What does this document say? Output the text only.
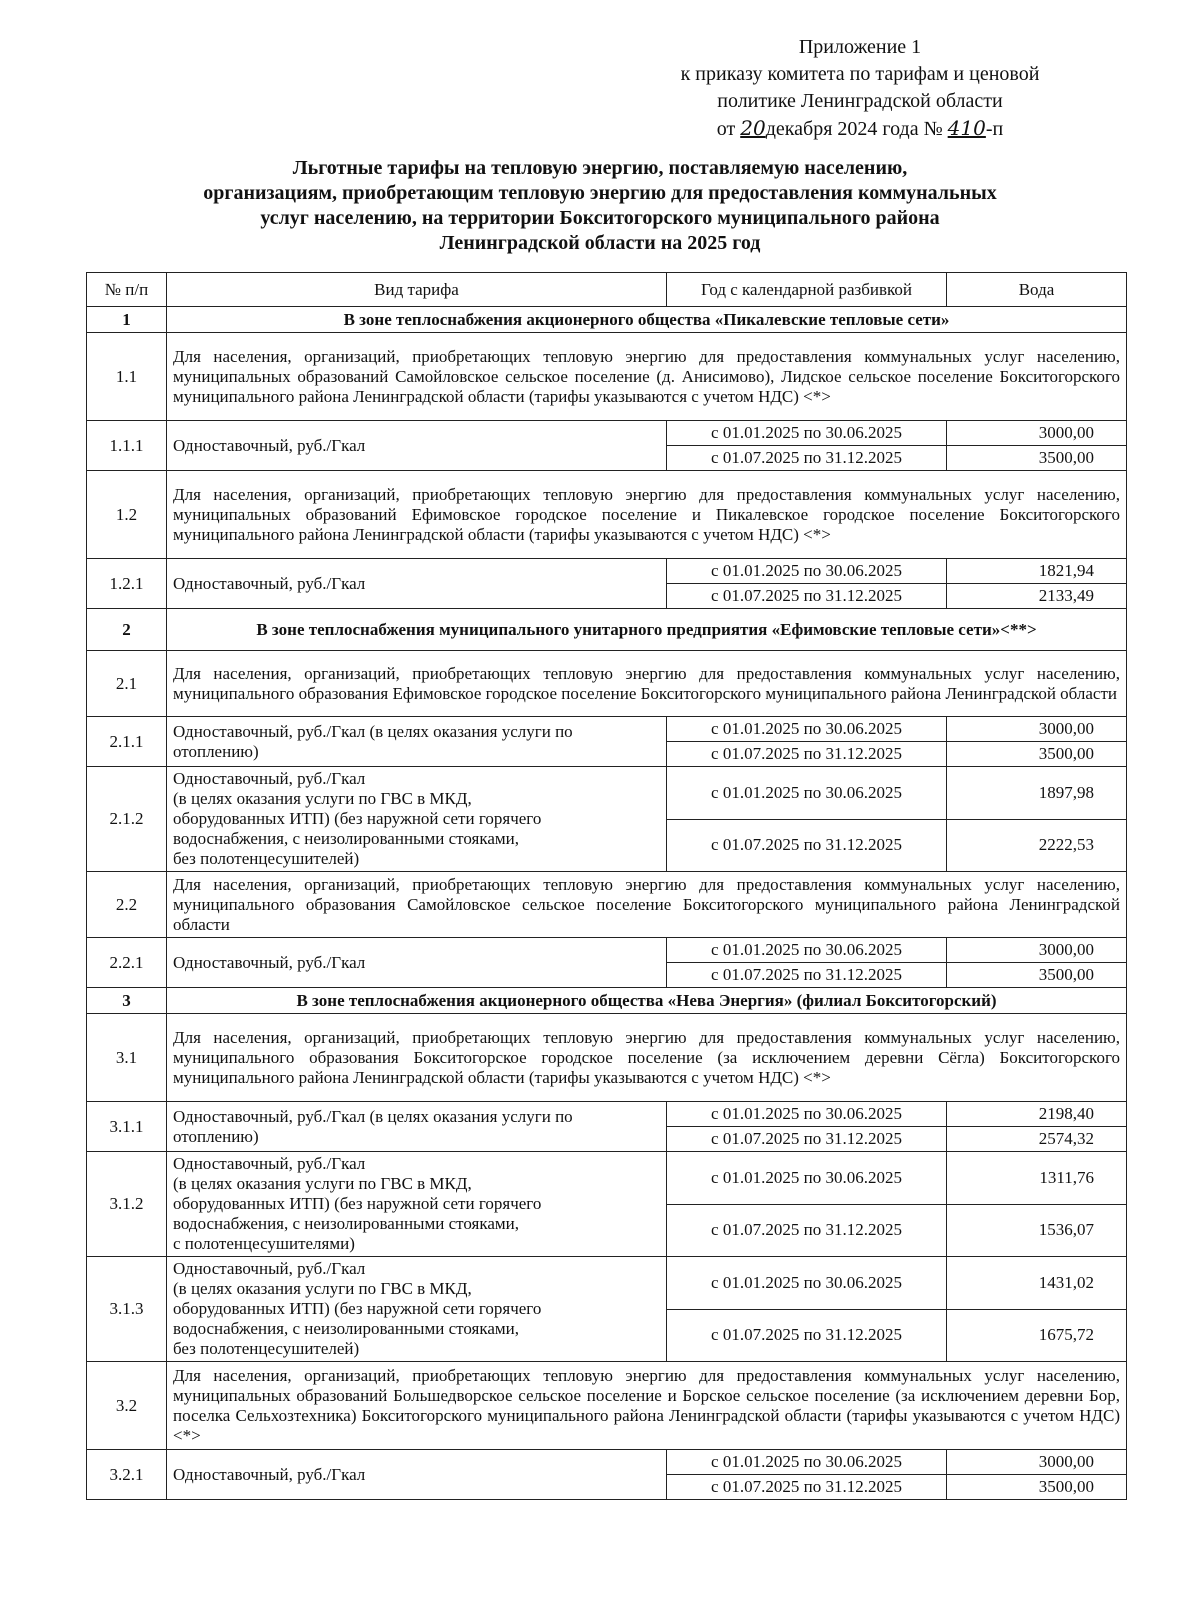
Приложение 1
к приказу комитета по тарифам и ценовой
политике Ленинградской области
от 20декабря 2024 года № 410-п
Льготные тарифы на тепловую энергию, поставляемую населению,
организациям, приобретающим тепловую энергию для предоставления коммунальных
услуг населению, на территории Бокситогорского муниципального района
Ленинградской области на 2025 год
№ п/п	Вид тарифа	Год с календарной разбивкой	Вода
1	В зоне теплоснабжения акционерного общества «Пикалевские тепловые сети»		
1.1	Для населения, организаций, приобретающих тепловую энергию для предоставления коммунальных услуг населению, муниципальных образований Самойловское сельское поселение (д. Анисимово), Лидское сельское поселение Бокситогорского муниципального района Ленинградской области (тарифы указываются с учетом НДС) <*>		
1.1.1	Одноставочный, руб./Гкал	с 01.01.2025 по 30.06.2025	3000,00
		с 01.07.2025 по 31.12.2025	3500,00
1.2	Для населения, организаций, приобретающих тепловую энергию для предоставления коммунальных услуг населению, муниципальных образований Ефимовское городское поселение и Пикалевское городское поселение Бокситогорского муниципального района Ленинградской области (тарифы указываются с учетом НДС) <*>		
1.2.1	Одноставочный, руб./Гкал	с 01.01.2025 по 30.06.2025	1821,94
		с 01.07.2025 по 31.12.2025	2133,49
2	В зоне теплоснабжения муниципального унитарного предприятия «Ефимовские тепловые сети»<**>		
2.1	Для населения, организаций, приобретающих тепловую энергию для предоставления коммунальных услуг населению, муниципального образования Ефимовское городское поселение Бокситогорского муниципального района Ленинградской области		
2.1.1	Одноставочный, руб./Гкал (в целях оказания услуги по отоплению)	с 01.01.2025 по 30.06.2025	3000,00
		с 01.07.2025 по 31.12.2025	3500,00
2.1.2	Одноставочный, руб./Гкал
(в целях оказания услуги по ГВС в МКД,
оборудованных ИТП) (без наружной сети горячего
водоснабжения, с неизолированными стояками,
без полотенцесушителей)	с 01.01.2025 по 30.06.2025	1897,98
		с 01.07.2025 по 31.12.2025	2222,53
2.2	Для населения, организаций, приобретающих тепловую энергию для предоставления коммунальных услуг населению, муниципального образования Самойловское сельское поселение Бокситогорского муниципального района Ленинградской области		
2.2.1	Одноставочный, руб./Гкал	с 01.01.2025 по 30.06.2025	3000,00
		с 01.07.2025 по 31.12.2025	3500,00
3	В зоне теплоснабжения акционерного общества «Нева Энергия» (филиал Бокситогорский)		
3.1	Для населения, организаций, приобретающих тепловую энергию для предоставления коммунальных услуг населению, муниципального образования Бокситогорское городское поселение (за исключением деревни Сёгла) Бокситогорского муниципального района Ленинградской области (тарифы указываются с учетом НДС) <*>		
3.1.1	Одноставочный, руб./Гкал (в целях оказания услуги по отоплению)	с 01.01.2025 по 30.06.2025	2198,40
		с 01.07.2025 по 31.12.2025	2574,32
3.1.2	Одноставочный, руб./Гкал
(в целях оказания услуги по ГВС в МКД,
оборудованных ИТП) (без наружной сети горячего
водоснабжения, с неизолированными стояками,
с полотенцесушителями)	с 01.01.2025 по 30.06.2025	1311,76
		с 01.07.2025 по 31.12.2025	1536,07
3.1.3	Одноставочный, руб./Гкал
(в целях оказания услуги по ГВС в МКД,
оборудованных ИТП) (без наружной сети горячего
водоснабжения, с неизолированными стояками,
без полотенцесушителей)	с 01.01.2025 по 30.06.2025	1431,02
		с 01.07.2025 по 31.12.2025	1675,72
3.2	Для населения, организаций, приобретающих тепловую энергию для предоставления коммунальных услуг населению, муниципальных образований Большедворское сельское поселение и Борское сельское поселение (за исключением деревни Бор, поселка Сельхозтехника) Бокситогорского муниципального района Ленинградской области (тарифы указываются с учетом НДС) <*>		
3.2.1	Одноставочный, руб./Гкал	с 01.01.2025 по 30.06.2025	3000,00
		с 01.07.2025 по 31.12.2025	3500,00
